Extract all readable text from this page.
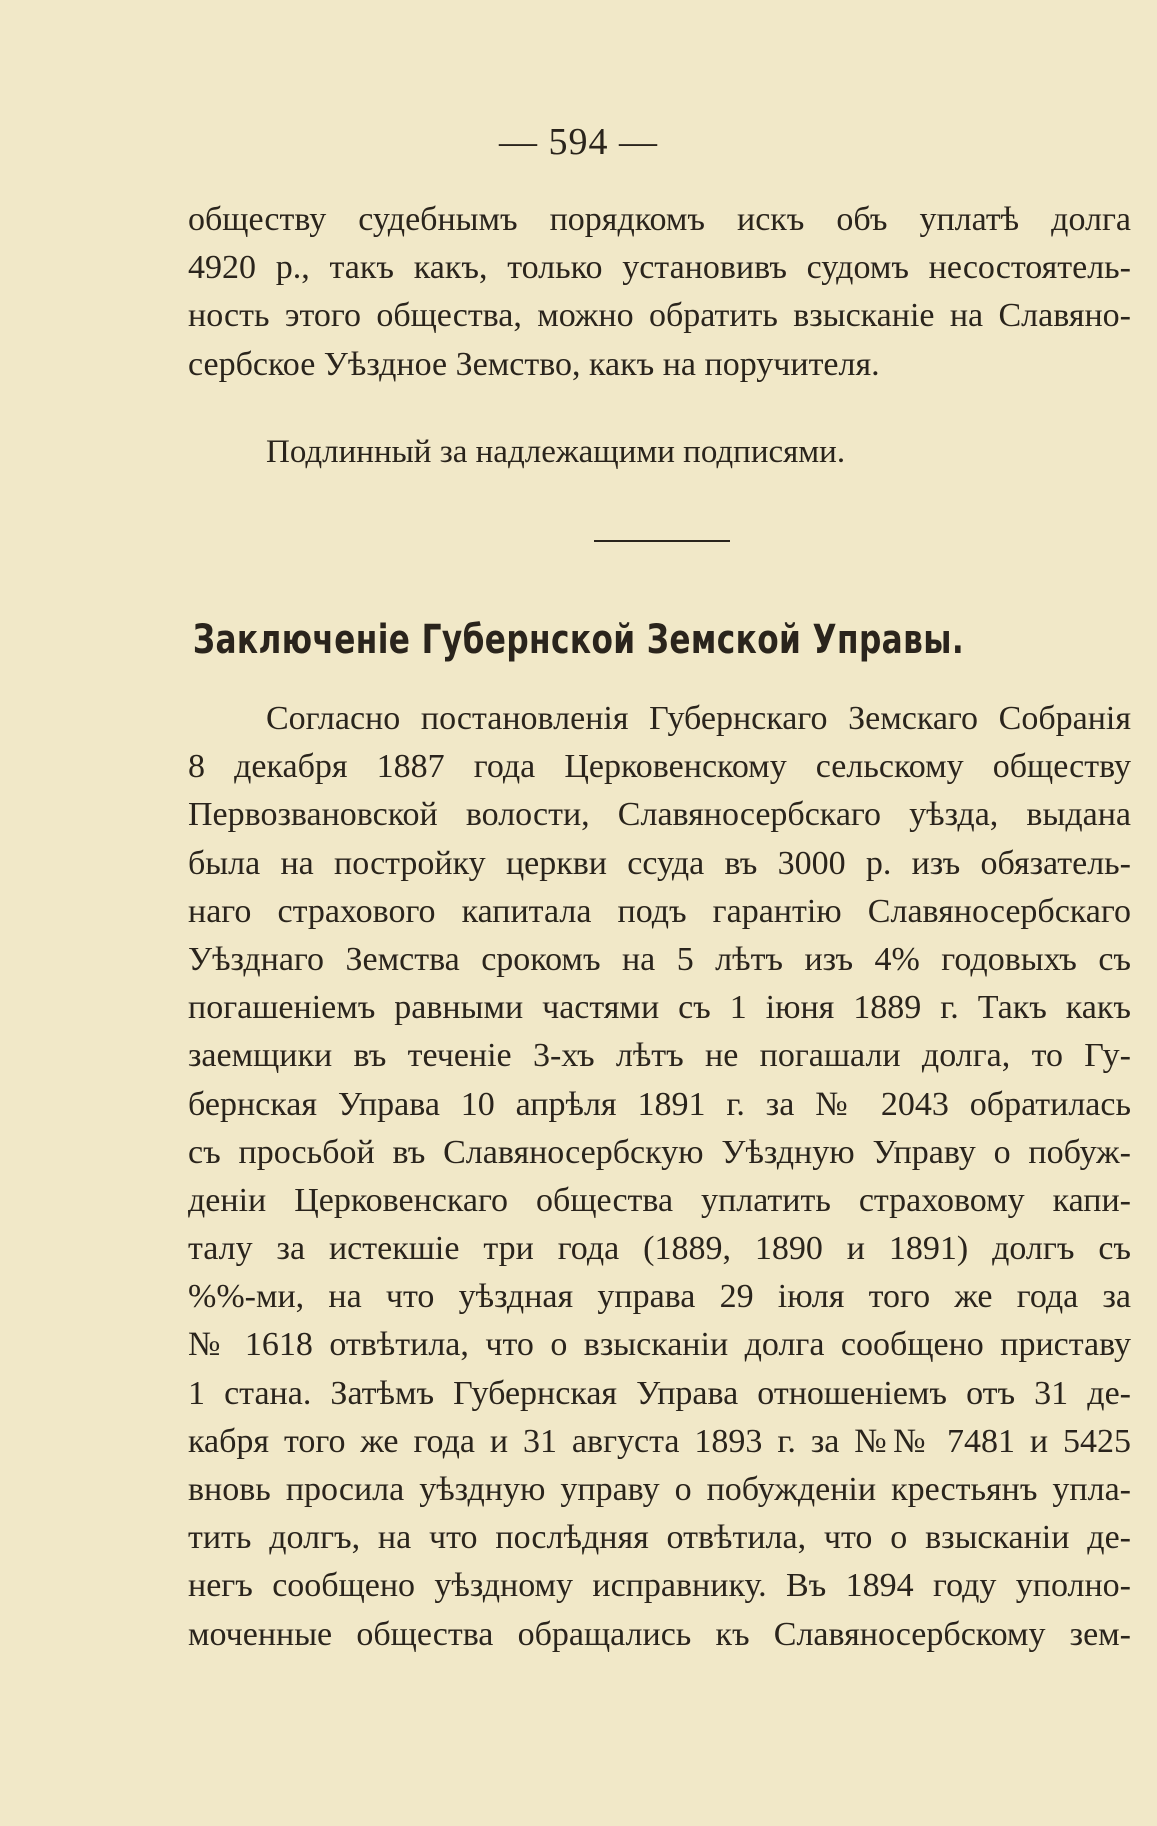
— 594 —
обществу судебнымъ порядкомъ искъ объ уплатѣ долга
4920 р., такъ какъ, только установивъ судомъ несостоятель-
ность этого общества, можно обратить взысканіе на Славяно-
сербское Уѣздное Земство, какъ на поручителя.
Подлинный за надлежащими подписями.
Заключеніе Губернской Земской Управы.
Согласно постановленія Губернскаго Земскаго Собранія
8 декабря 1887 года Церковенскому сельскому обществу
Первозвановской волости, Славяносербскаго уѣзда, выдана
была на постройку церкви ссуда въ 3000 р. изъ обязатель-
наго страхового капитала подъ гарантію Славяносербскаго
Уѣзднаго Земства срокомъ на 5 лѣтъ изъ 4% годовыхъ съ
погашеніемъ равными частями съ 1 іюня 1889 г. Такъ какъ
заемщики въ теченіе 3-хъ лѣтъ не погашали долга, то Гу-
бернская Управа 10 апрѣля 1891 г. за № 2043 обратилась
съ просьбой въ Славяносербскую Уѣздную Управу о побуж-
деніи Церковенскаго общества уплатить страховому капи-
талу за истекшіе три года (1889, 1890 и 1891) долгъ съ
%%-ми, на что уѣздная управа 29 іюля того же года за
№ 1618 отвѣтила, что о взысканіи долга сообщено приставу
1 стана. Затѣмъ Губернская Управа отношеніемъ отъ 31 де-
кабря того же года и 31 августа 1893 г. за №№ 7481 и 5425
вновь просила уѣздную управу о побужденіи крестьянъ упла-
тить долгъ, на что послѣдняя отвѣтила, что о взысканіи де-
негъ сообщено уѣздному исправнику. Въ 1894 году уполно-
моченные общества обращались къ Славяносербскому зем-
